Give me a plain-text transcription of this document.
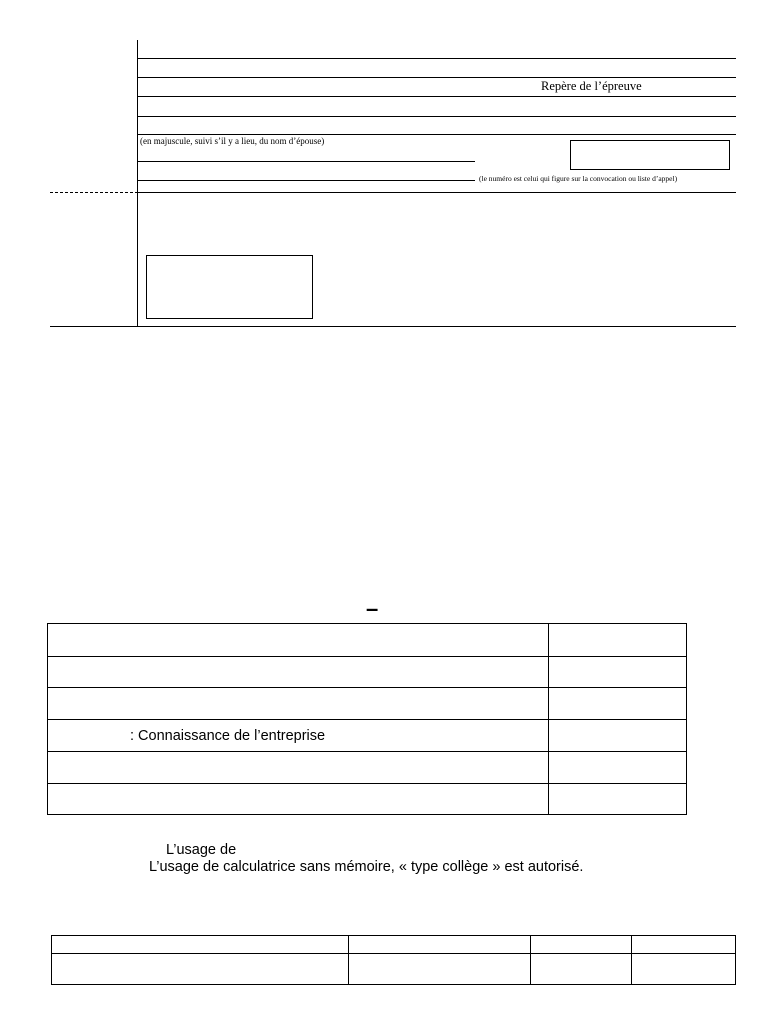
Repère de l’épreuve
(en majuscule, suivi s’il y a lieu, du nom d’épouse)
(le numéro est celui qui figure sur la convocation ou liste d’appel)
–

: Connaissance de l’entreprise	

L’usage de
L’usage de calculatrice sans mémoire, « type collège » est autorisé.
